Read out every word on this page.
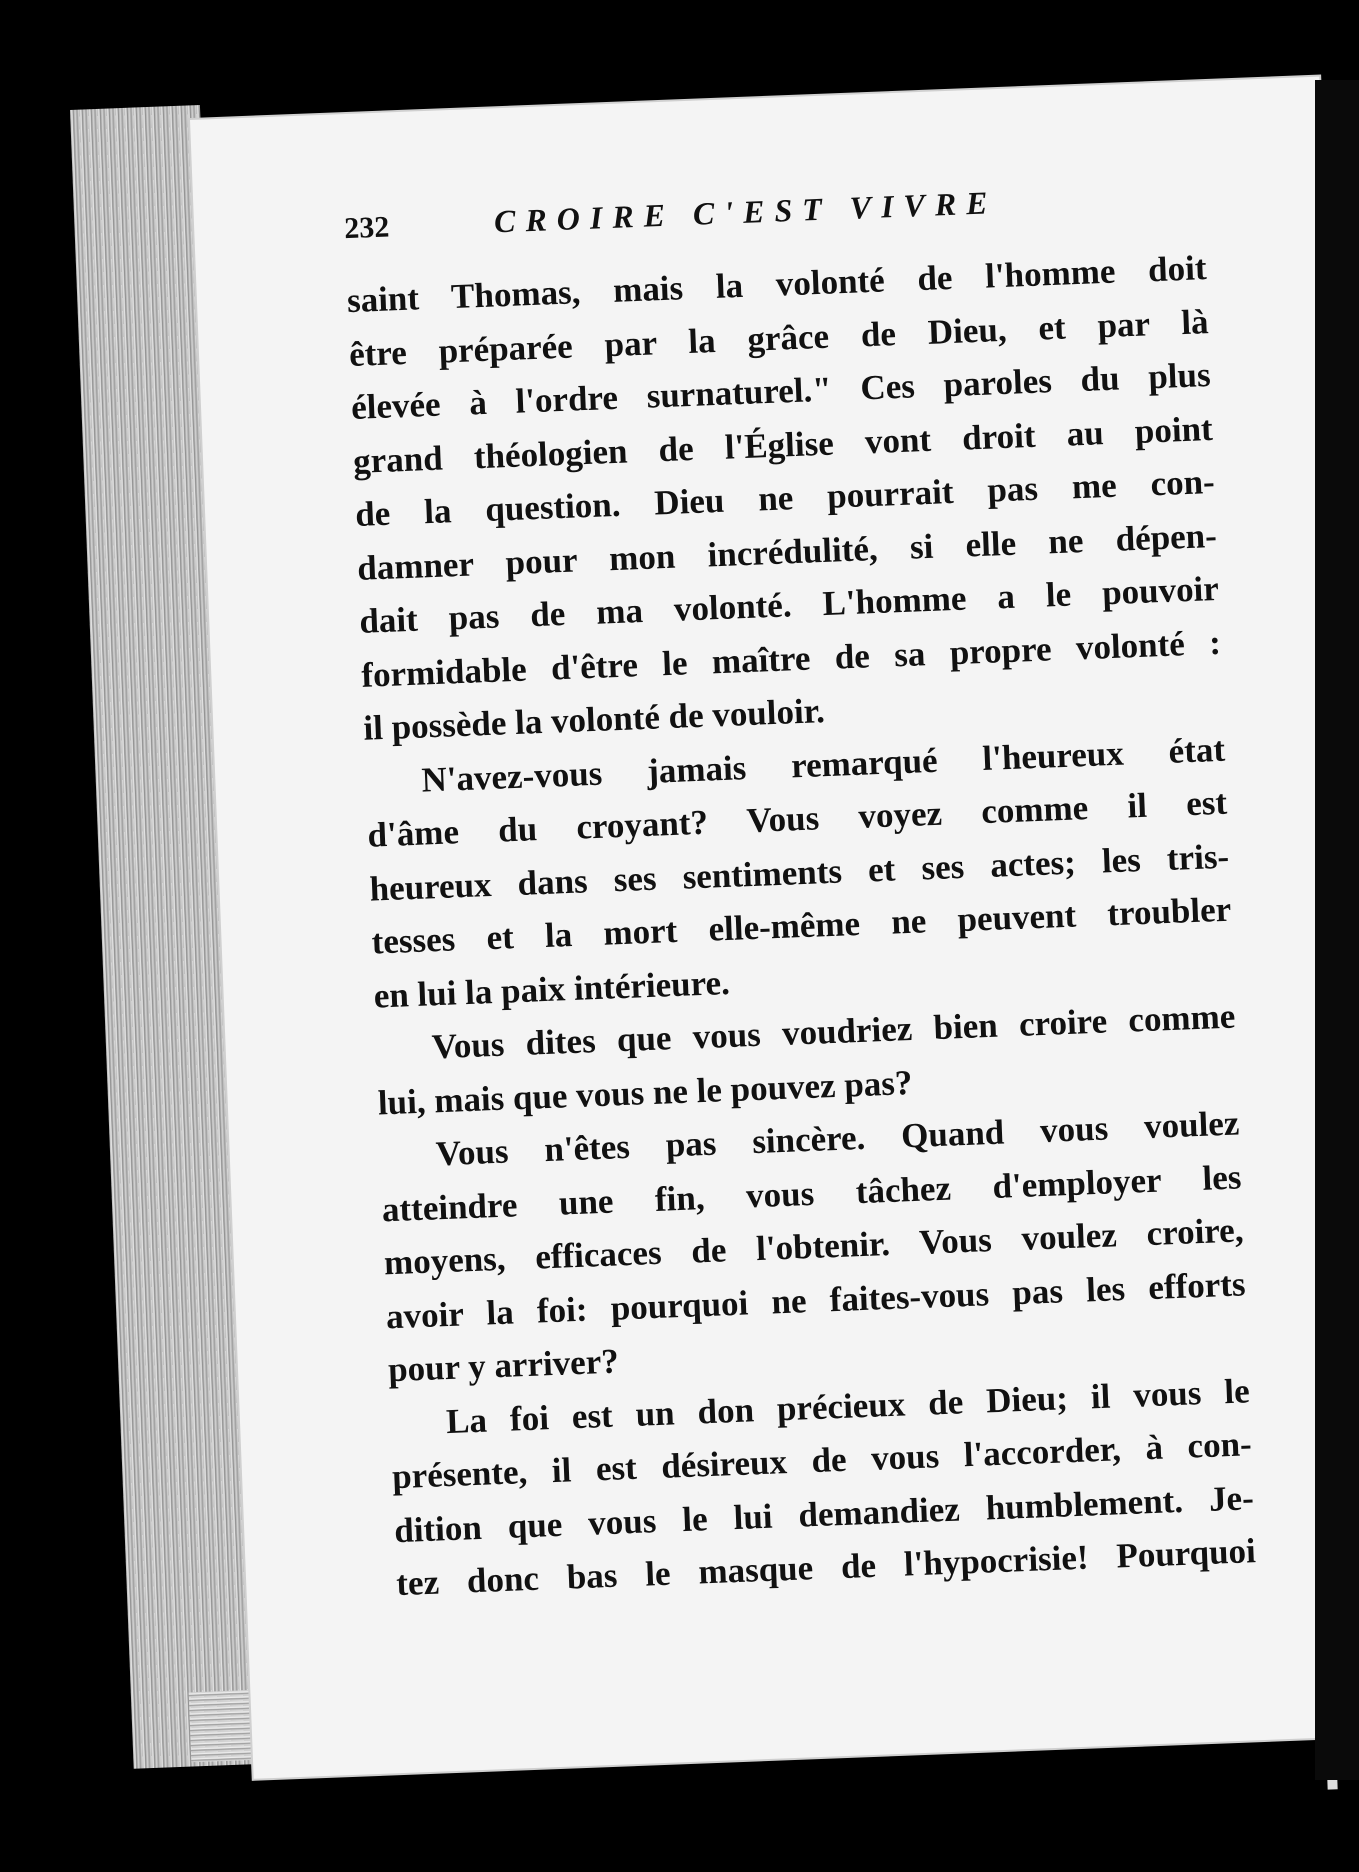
232	CROIRE C'EST VIVRE

saint Thomas, mais la volonté de l'homme doit

être préparée par la grâce de Dieu, et par là

élevée à l'ordre surnaturel." Ces paroles du plus

grand théologien de l'Église vont droit au point

de la question. Dieu ne pourrait pas me con-

damner pour mon incrédulité, si elle ne dépen-

dait pas de ma volonté. L'homme a le pouvoir

formidable d'être le maître de sa propre volonté :

il possède la volonté de vouloir.

N'avez-vous jamais remarqué l'heureux état

d'âme du croyant? Vous voyez comme il est

heureux dans ses sentiments et ses actes; les tris-

tesses et la mort elle-même ne peuvent troubler

en lui la paix intérieure.

Vous dites que vous voudriez bien croire comme

lui, mais que vous ne le pouvez pas?

Vous n'êtes pas sincère. Quand vous voulez

atteindre une fin, vous tâchez d'employer les

moyens, efficaces de l'obtenir. Vous voulez croire,

avoir la foi: pourquoi ne faites-vous pas les efforts

pour y arriver?

La foi est un don précieux de Dieu; il vous le

présente, il est désireux de vous l'accorder, à con-

dition que vous le lui demandiez humblement. Je-

tez donc bas le masque de l'hypocrisie! Pourquoi
